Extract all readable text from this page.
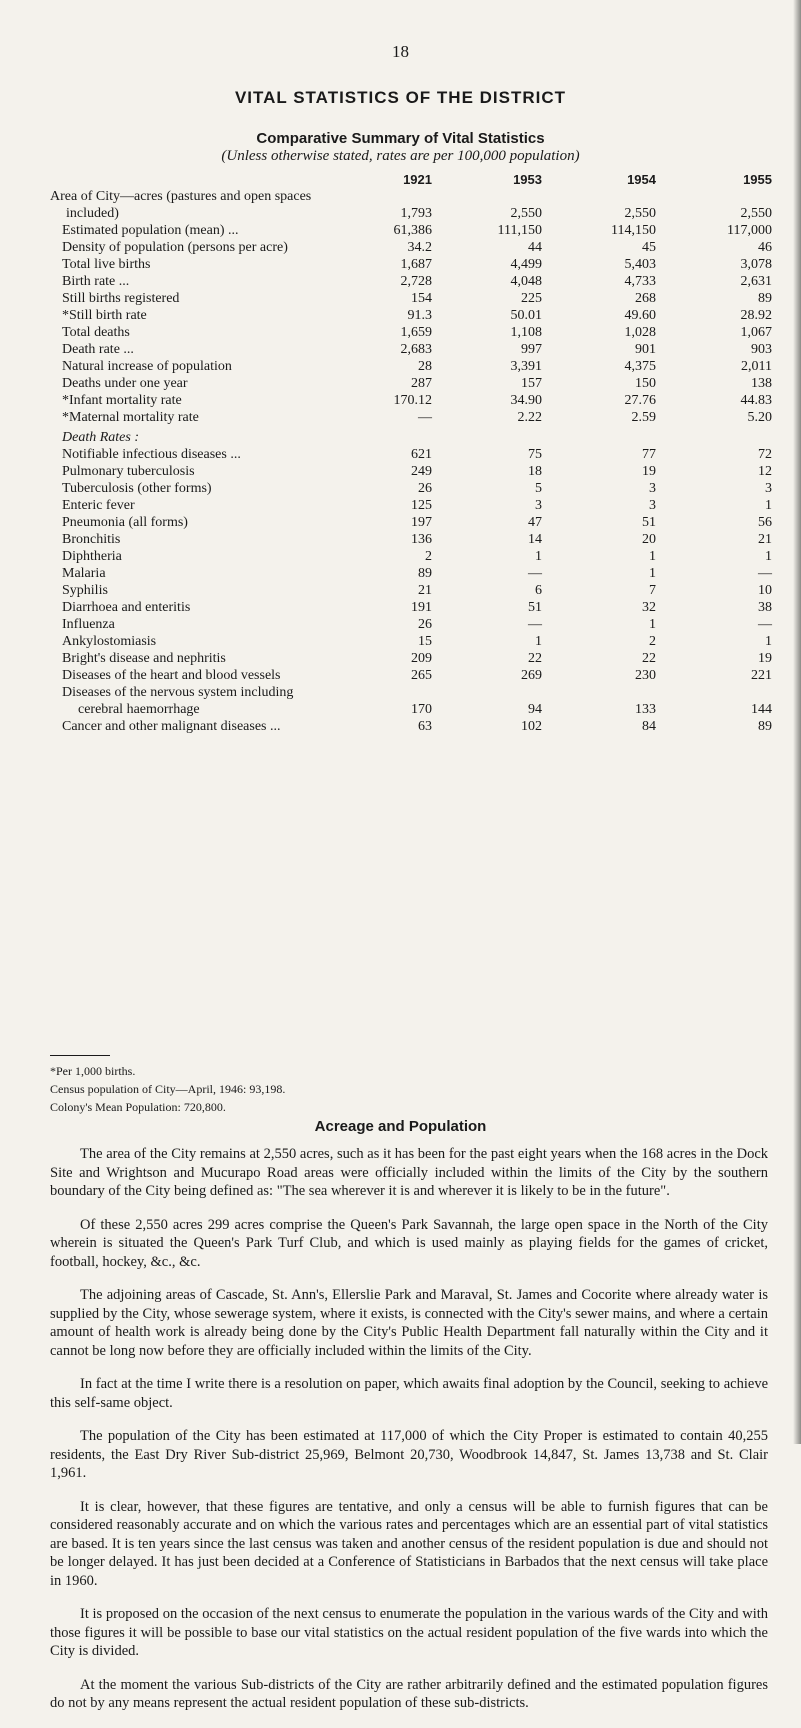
18
VITAL STATISTICS OF THE DISTRICT
Comparative Summary of Vital Statistics
(Unless otherwise stated, rates are per 100,000 population)
	1921	1953	1954	1955
Area of City—acres (pastures and open spaces				
included)	1,793	2,550	2,550	2,550
Estimated population (mean) ...	61,386	111,150	114,150	117,000
Density of population (persons per acre)	34.2	44	45	46
Total live births	1,687	4,499	5,403	3,078
Birth rate ...	2,728	4,048	4,733	2,631
Still births registered	154	225	268	89
*Still birth rate	91.3	50.01	49.60	28.92
Total deaths	1,659	1,108	1,028	1,067
Death rate ...	2,683	997	901	903
Natural increase of population	28	3,391	4,375	2,011
Deaths under one year	287	157	150	138
*Infant mortality rate	170.12	34.90	27.76	44.83
*Maternal mortality rate	—	2.22	2.59	5.20
Death Rates :				
Notifiable infectious diseases ...	621	75	77	72
Pulmonary tuberculosis	249	18	19	12
Tuberculosis (other forms)	26	5	3	3
Enteric fever	125	3	3	1
Pneumonia (all forms)	197	47	51	56
Bronchitis	136	14	20	21
Diphtheria	2	1	1	1
Malaria	89	—	1	—
Syphilis	21	6	7	10
Diarrhoea and enteritis	191	51	32	38
Influenza	26	—	1	—
Ankylostomiasis	15	1	2	1
Bright's disease and nephritis	209	22	22	19
Diseases of the heart and blood vessels	265	269	230	221
Diseases of the nervous system including				
cerebral haemorrhage	170	94	133	144
Cancer and other malignant diseases ...	63	102	84	89
*Per 1,000 births.
Census population of City—April, 1946: 93,198.
Colony's Mean Population: 720,800.
Acreage and Population

The area of the City remains at 2,550 acres, such as it has been for the past eight years when the 168 acres in the Dock Site and Wrightson and Mucurapo Road areas were officially included within the limits of the City by the southern boundary of the City being defined as: "The sea wherever it is and wherever it is likely to be in the future".

Of these 2,550 acres 299 acres comprise the Queen's Park Savannah, the large open space in the North of the City wherein is situated the Queen's Park Turf Club, and which is used mainly as playing fields for the games of cricket, football, hockey, &c., &c.

The adjoining areas of Cascade, St. Ann's, Ellerslie Park and Maraval, St. James and Cocorite where already water is supplied by the City, whose sewerage system, where it exists, is connected with the City's sewer mains, and where a certain amount of health work is already being done by the City's Public Health Department fall naturally within the City and it cannot be long now before they are officially included within the limits of the City.

In fact at the time I write there is a resolution on paper, which awaits final adoption by the Council, seeking to achieve this self-same object.

The population of the City has been estimated at 117,000 of which the City Proper is estimated to contain 40,255 residents, the East Dry River Sub-district 25,969, Belmont 20,730, Woodbrook 14,847, St. James 13,738 and St. Clair 1,961.

It is clear, however, that these figures are tentative, and only a census will be able to furnish figures that can be considered reasonably accurate and on which the various rates and percentages which are an essential part of vital statistics are based. It is ten years since the last census was taken and another census of the resident population is due and should not be longer delayed. It has just been decided at a Conference of Statisticians in Barbados that the next census will take place in 1960.

It is proposed on the occasion of the next census to enumerate the population in the various wards of the City and with those figures it will be possible to base our vital statistics on the actual resident population of the five wards into which the City is divided.

At the moment the various Sub-districts of the City are rather arbitrarily defined and the estimated population figures do not by any means represent the actual resident population of these sub-districts.
